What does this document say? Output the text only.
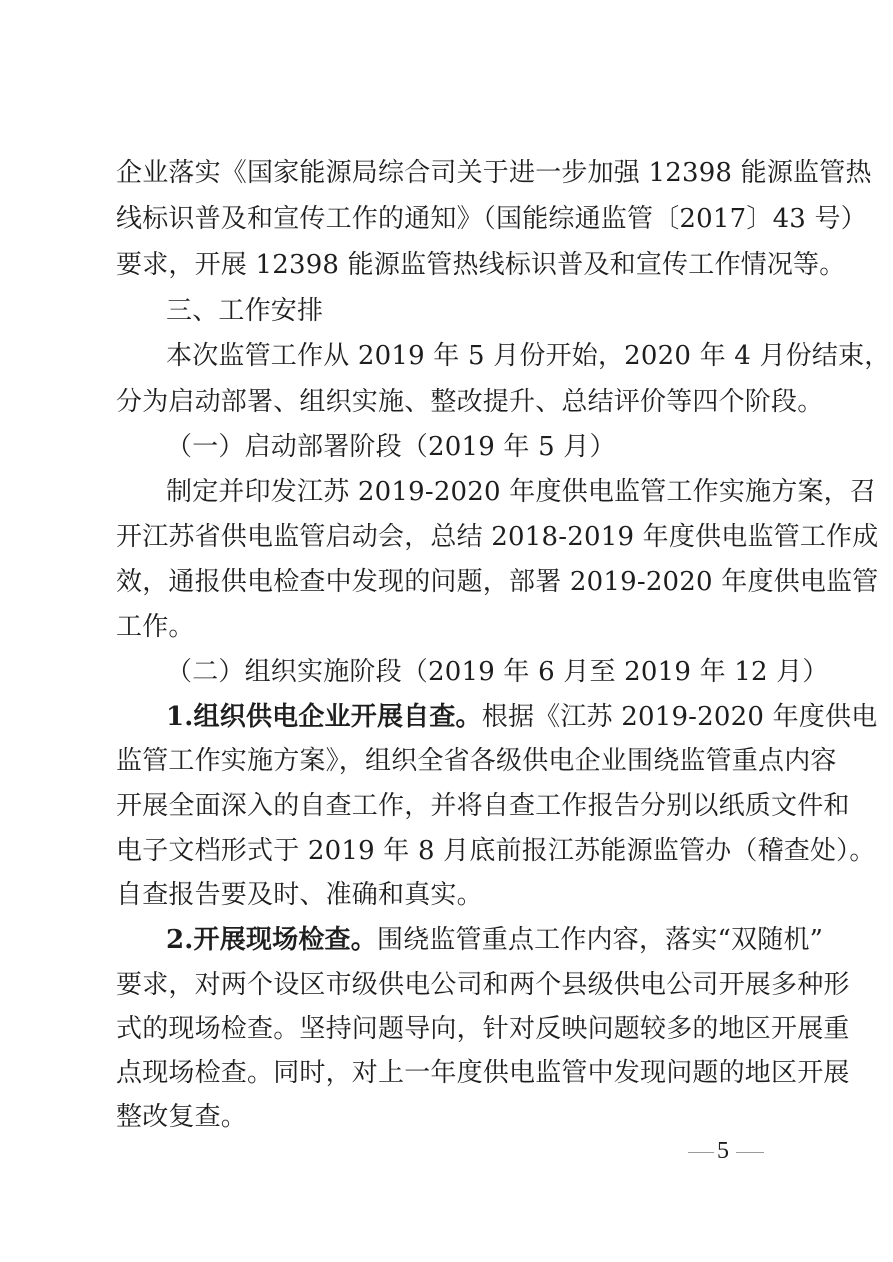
企业落实《国家能源局综合司关于进一步加强 12398 能源监管热
线标识普及和宣传工作的通知》（国能综通监管〔2017〕43 号）
要求，开展 12398 能源监管热线标识普及和宣传工作情况等。
三、工作安排
本次监管工作从 2019 年 5 月份开始，2020 年 4 月份结束，
分为启动部署、组织实施、整改提升、总结评价等四个阶段。
（一）启动部署阶段（2019 年 5 月）
制定并印发江苏 2019-2020 年度供电监管工作实施方案，召
开江苏省供电监管启动会，总结 2018-2019 年度供电监管工作成
效，通报供电检查中发现的问题，部署 2019-2020 年度供电监管
工作。
（二）组织实施阶段（2019 年 6 月至 2019 年 12 月）
1.组织供电企业开展自查。根据《江苏 2019-2020 年度供电
监管工作实施方案》，组织全省各级供电企业围绕监管重点内容
开展全面深入的自查工作，并将自查工作报告分别以纸质文件和
电子文档形式于 2019 年 8 月底前报江苏能源监管办（稽查处）。
自查报告要及时、准确和真实。
2.开展现场检查。围绕监管重点工作内容，落实“双随机”
要求，对两个设区市级供电公司和两个县级供电公司开展多种形
式的现场检查。坚持问题导向，针对反映问题较多的地区开展重
点现场检查。同时，对上一年度供电监管中发现问题的地区开展
整改复查。
5
